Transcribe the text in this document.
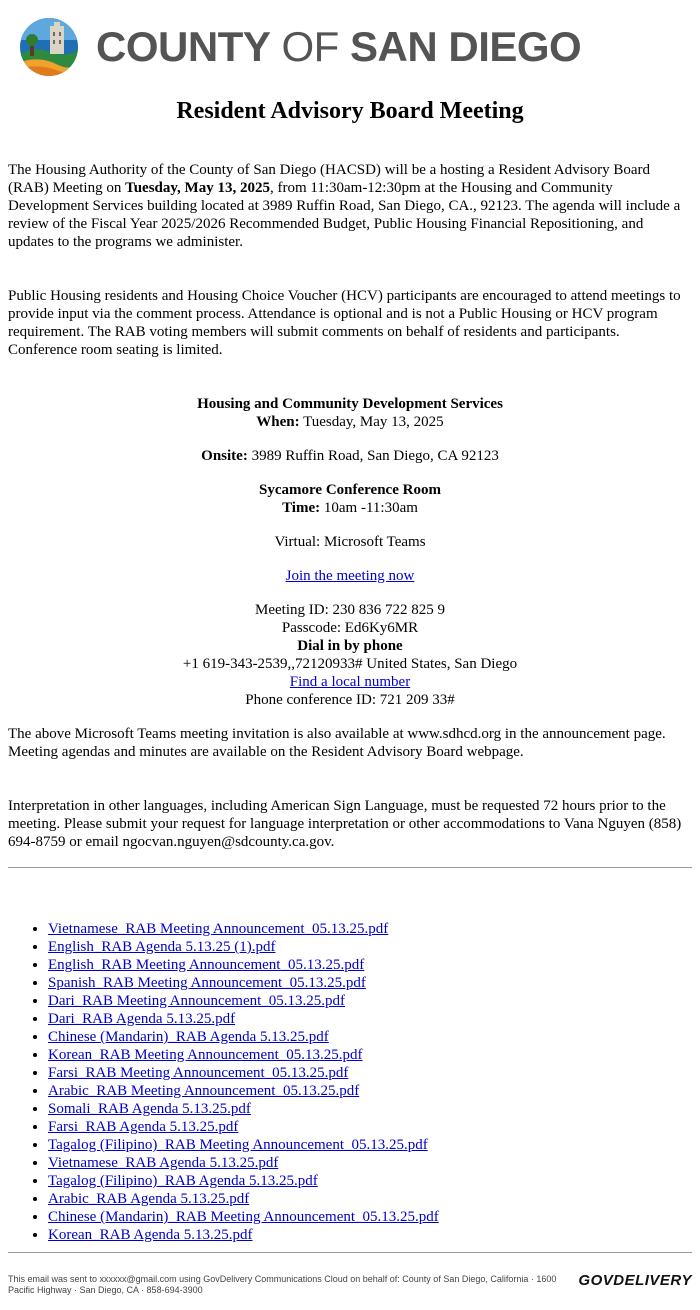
COUNTY OF SAN DIEGO
Resident Advisory Board Meeting

The Housing Authority of the County of San Diego (HACSD) will be a hosting a Resident Advisory Board (RAB) Meeting on Tuesday, May 13, 2025, from 11:30am-12:30pm at the Housing and Community Development Services building located at 3989 Ruffin Road, San Diego, CA., 92123. The agenda will include a review of the Fiscal Year 2025/2026 Recommended Budget, Public Housing Financial Repositioning, and updates to the programs we administer.

Public Housing residents and Housing Choice Voucher (HCV) participants are encouraged to attend meetings to provide input via the comment process. Attendance is optional and is not a Public Housing or HCV program requirement. The RAB voting members will submit comments on behalf of residents and participants. Conference room seating is limited.

Housing and Community Development Services
When: Tuesday, May 13, 2025
Onsite: 3989 Ruffin Road, San Diego, CA 92123
Sycamore Conference Room
Time: 10am -11:30am
Virtual: Microsoft Teams
Join the meeting now
Meeting ID: 230 836 722 825 9
Passcode: Ed6Ky6MR
Dial in by phone
+1 619-343-2539,,72120933# United States, San Diego
Find a local number
Phone conference ID: 721 209 33#

The above Microsoft Teams meeting invitation is also available at www.sdhcd.org in the announcement page. Meeting agendas and minutes are available on the Resident Advisory Board webpage.

Interpretation in other languages, including American Sign Language, must be requested 72 hours prior to the meeting. Please submit your request for language interpretation or other accommodations to Vana Nguyen (858) 694-8759 or email ngocvan.nguyen@sdcounty.ca.gov.

• Vietnamese_RAB Meeting Announcement_05.13.25.pdf
• English_RAB Agenda 5.13.25 (1).pdf
• English_RAB Meeting Announcement_05.13.25.pdf
• Spanish_RAB Meeting Announcement_05.13.25.pdf
• Dari_RAB Meeting Announcement_05.13.25.pdf
• Dari_RAB Agenda 5.13.25.pdf
• Chinese (Mandarin)_RAB Agenda 5.13.25.pdf
• Korean_RAB Meeting Announcement_05.13.25.pdf
• Farsi_RAB Meeting Announcement_05.13.25.pdf
• Arabic_RAB Meeting Announcement_05.13.25.pdf
• Somali_RAB Agenda 5.13.25.pdf
• Farsi_RAB Agenda 5.13.25.pdf
• Tagalog (Filipino)_RAB Meeting Announcement_05.13.25.pdf
• Vietnamese_RAB Agenda 5.13.25.pdf
• Tagalog (Filipino)_RAB Agenda 5.13.25.pdf
• Arabic_RAB Agenda 5.13.25.pdf
• Chinese (Mandarin)_RAB Meeting Announcement_05.13.25.pdf
• Korean_RAB Agenda 5.13.25.pdf
This email was sent to xxxxxx@gmail.com using GovDelivery Communications Cloud on behalf of: County of San Diego, California · 1600 Pacific Highway · San Diego, CA · 858-694-3900
GOVDELIVERY
